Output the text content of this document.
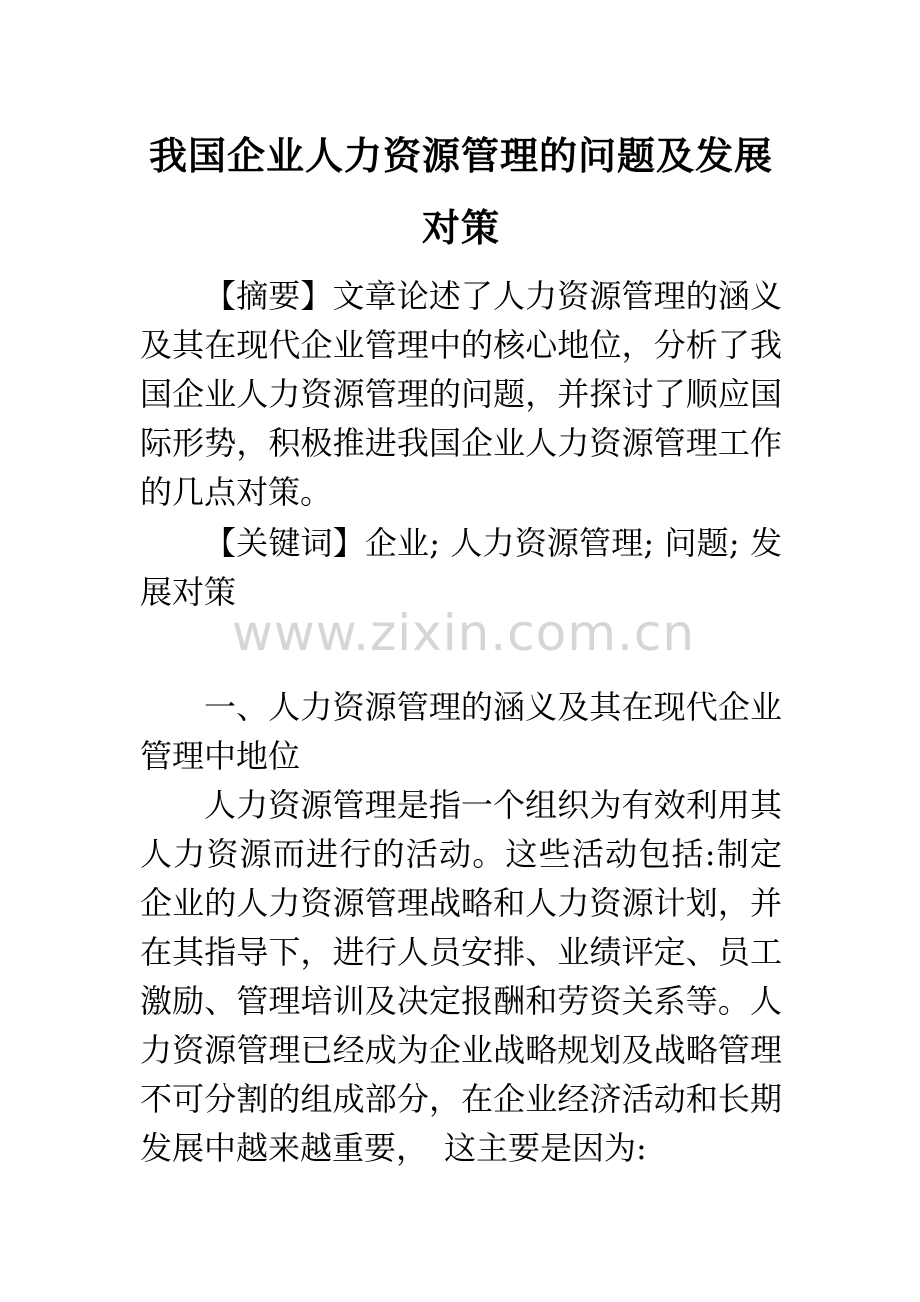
我国企业人力资源管理的问题及发展对策

【摘要】文章论述了人力资源管理的涵义及其在现代企业管理中的核心地位，分析了我国企业人力资源管理的问题，并探讨了顺应国际形势，积极推进我国企业人力资源管理工作的几点对策。

【关键词】企业; 人力资源管理; 问题; 发展对策

一、人力资源管理的涵义及其在现代企业管理中地位

人力资源管理是指一个组织为有效利用其人力资源而进行的活动。这些活动包括:制定企业的人力资源管理战略和人力资源计划，并在其指导下，进行人员安排、业绩评定、员工激励、管理培训及决定报酬和劳资关系等。人力资源管理已经成为企业战略规划及战略管理不可分割的组成部分，在企业经济活动和长期发展中越来越重要，　这主要是因为:

www.zixin.com.cn
